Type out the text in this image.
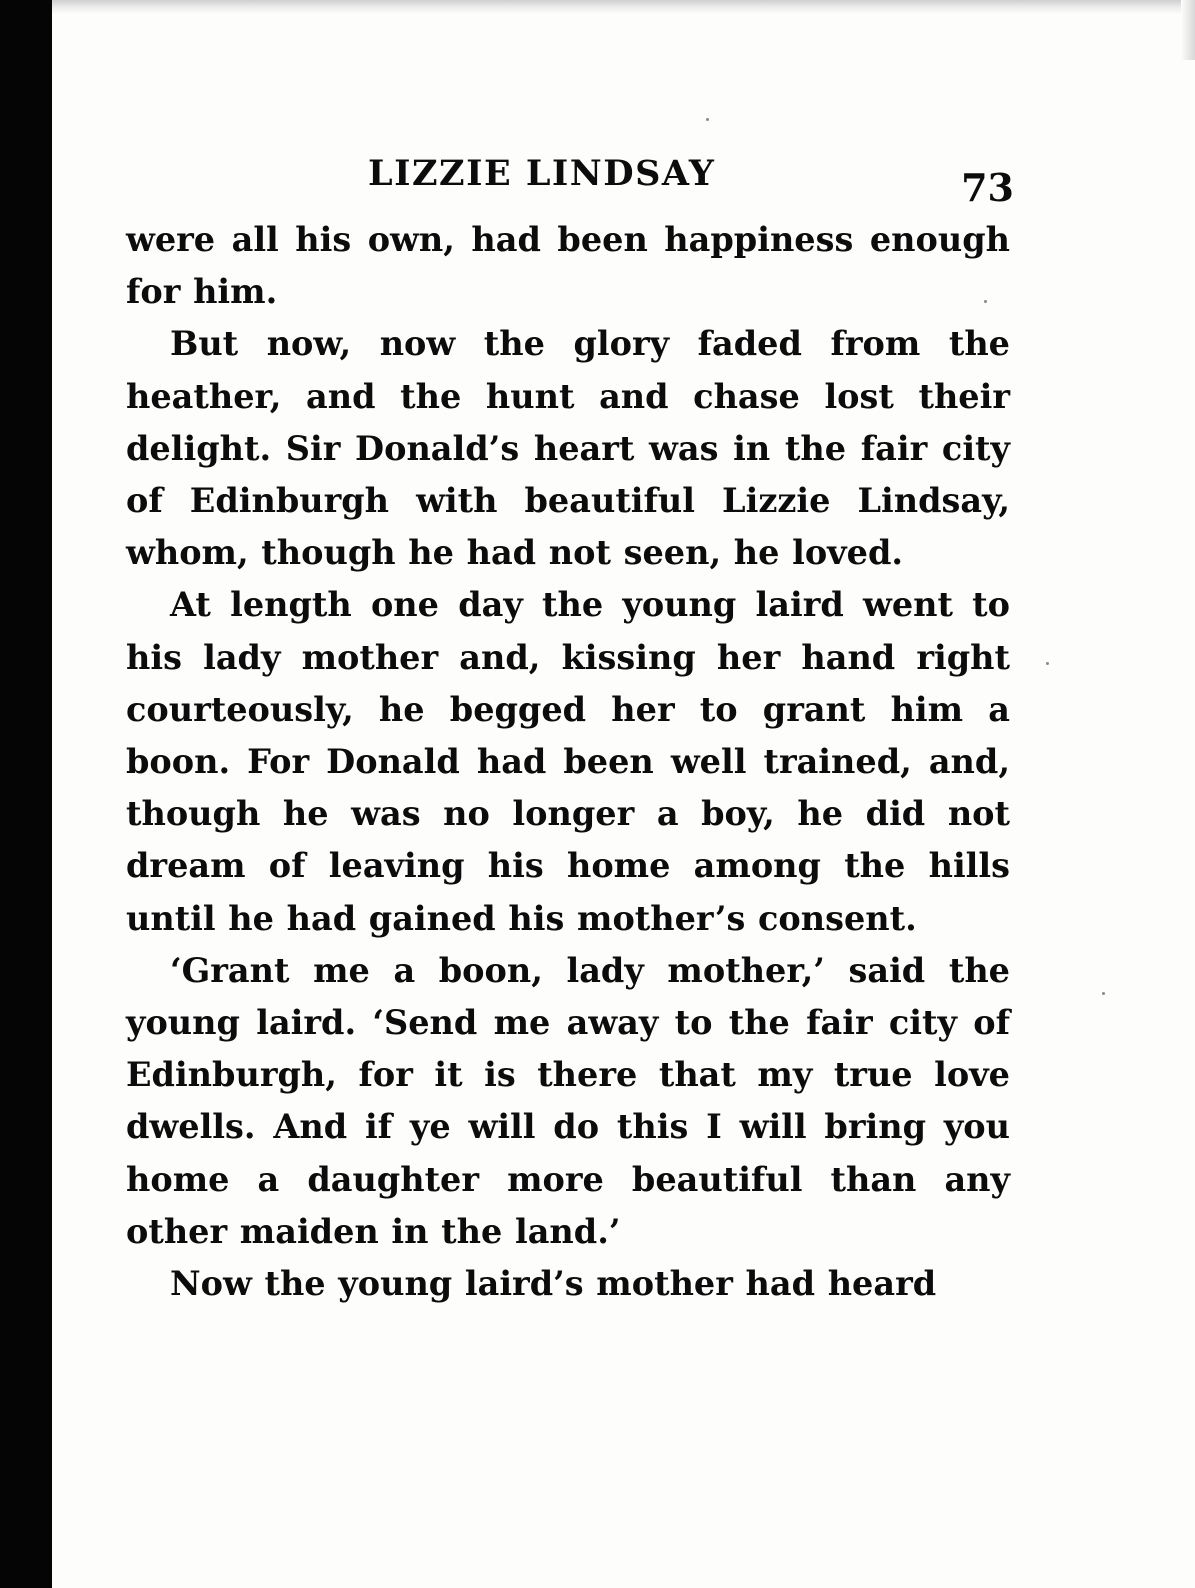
LIZZIE LINDSAY	73

were all his own, had been happiness enough for him.

But now, now the glory faded from the heather, and the hunt and chase lost their delight. Sir Donald’s heart was in the fair city of Edinburgh with beautiful Lizzie Lindsay, whom, though he had not seen, he loved.

At length one day the young laird went to his lady mother and, kissing her hand right courteously, he begged her to grant him a boon. For Donald had been well trained, and, though he was no longer a boy, he did not dream of leaving his home among the hills until he had gained his mother’s consent.

‘Grant me a boon, lady mother,’ said the young laird. ‘Send me away to the fair city of Edinburgh, for it is there that my true love dwells. And if ye will do this I will bring you home a daughter more beautiful than any other maiden in the land.’

Now the young laird’s mother had heard
